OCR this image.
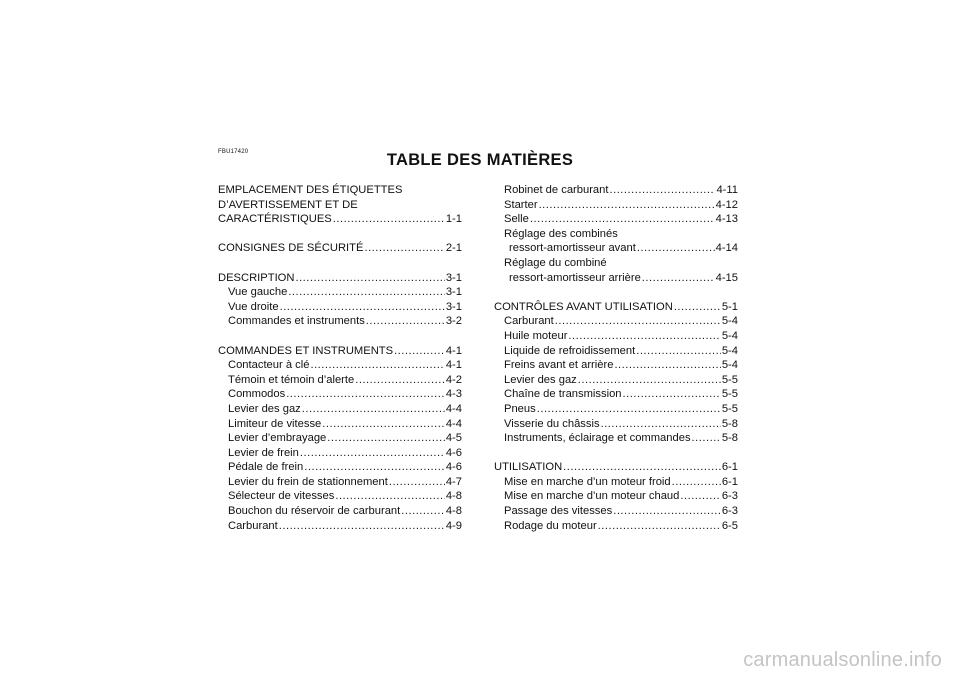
FBU17420	TABLE DES MATIÈRES
EMPLACEMENT DES ÉTIQUETTES
D’AVERTISSEMENT ET DE
CARACTÉRISTIQUES .....	1-1
CONSIGNES DE SÉCURITÉ .....	2-1
DESCRIPTION .....	3-1
Vue gauche .....	3-1
Vue droite .....	3-1
Commandes et instruments .....	3-2
COMMANDES ET INSTRUMENTS .....	4-1
Contacteur à clé .....	4-1
Témoin et témoin d’alerte .....	4-2
Commodos .....	4-3
Levier des gaz .....	4-4
Limiteur de vitesse .....	4-4
Levier d’embrayage .....	4-5
Levier de frein .....	4-6
Pédale de frein .....	4-6
Levier du frein de stationnement .....	4-7
Sélecteur de vitesses .....	4-8
Bouchon du réservoir de carburant .....	4-8
Carburant .....	4-9
Robinet de carburant .....	4-11
Starter .....	4-12
Selle .....	4-13
Réglage des combinés
ressort-amortisseur avant .....	4-14
Réglage du combiné
ressort-amortisseur arrière .....	4-15
CONTRÔLES AVANT UTILISATION .....	5-1
Carburant .....	5-4
Huile moteur .....	5-4
Liquide de refroidissement .....	5-4
Freins avant et arrière .....	5-4
Levier des gaz .....	5-5
Chaîne de transmission .....	5-5
Pneus .....	5-5
Visserie du châssis .....	5-8
Instruments, éclairage et commandes .....	5-8
UTILISATION .....	6-1
Mise en marche d’un moteur froid .....	6-1
Mise en marche d’un moteur chaud .....	6-3
Passage des vitesses .....	6-3
Rodage du moteur .....	6-5
carmanualsonline.info
